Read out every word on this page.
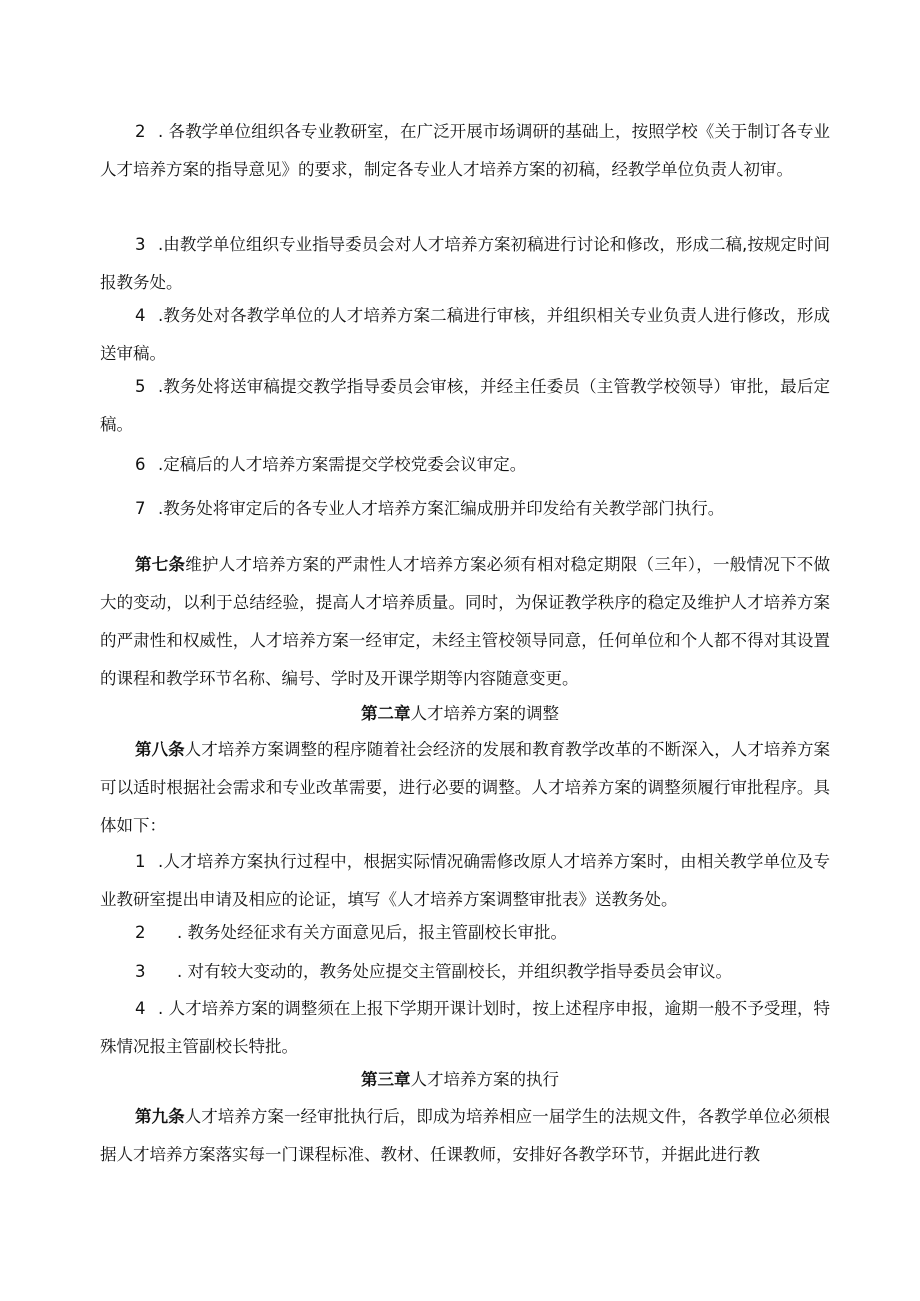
2 . 各教学单位组织各专业教研室，在广泛开展市场调研的基础上，按照学校《关于制订各专业人才培养方案的指导意见》的要求，制定各专业人才培养方案的初稿，经教学单位负责人初审。

3 .由教学单位组织专业指导委员会对人才培养方案初稿进行讨论和修改，形成二稿,按规定时间报教务处。

4 .教务处对各教学单位的人才培养方案二稿进行审核，并组织相关专业负责人进行修改，形成送审稿。

5 .教务处将送审稿提交教学指导委员会审核，并经主任委员（主管教学校领导）审批，最后定稿。

6 .定稿后的人才培养方案需提交学校党委会议审定。

7 .教务处将审定后的各专业人才培养方案汇编成册并印发给有关教学部门执行。

第七条维护人才培养方案的严肃性人才培养方案必须有相对稳定期限（三年），一般情况下不做大的变动，以利于总结经验，提高人才培养质量。同时，为保证教学秩序的稳定及维护人才培养方案的严肃性和权威性，人才培养方案一经审定，未经主管校领导同意，任何单位和个人都不得对其设置的课程和教学环节名称、编号、学时及开课学期等内容随意变更。

第二章人才培养方案的调整

第八条人才培养方案调整的程序随着社会经济的发展和教育教学改革的不断深入，人才培养方案可以适时根据社会需求和专业改革需要，进行必要的调整。人才培养方案的调整须履行审批程序。具体如下：

1 .人才培养方案执行过程中，根据实际情况确需修改原人才培养方案时，由相关教学单位及专业教研室提出申请及相应的论证，填写《人才培养方案调整审批表》送教务处。

2 . 教务处经征求有关方面意见后，报主管副校长审批。

3 . 对有较大变动的，教务处应提交主管副校长，并组织教学指导委员会审议。

4 . 人才培养方案的调整须在上报下学期开课计划时，按上述程序申报，逾期一般不予受理，特殊情况报主管副校长特批。

第三章人才培养方案的执行

第九条人才培养方案一经审批执行后，即成为培养相应一届学生的法规文件，各教学单位必须根据人才培养方案落实每一门课程标准、教材、任课教师，安排好各教学环节，并据此进行教
